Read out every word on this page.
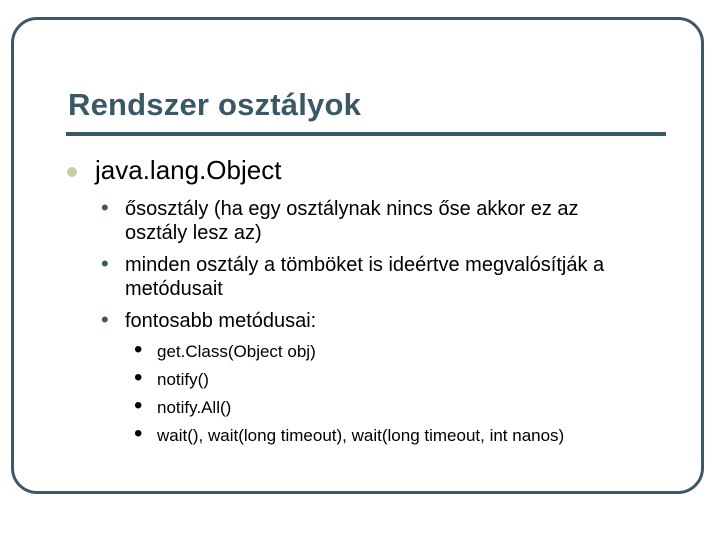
Rendszer osztályok
java.lang.Object
• ősosztály (ha egy osztálynak nincs őse akkor ez az
osztály lesz az)
• minden osztály a tömböket is ideértve megvalósítják a
metódusait
• fontosabb metódusai:
• get.Class(Object obj)
• notify()
• notify.All()
• wait(), wait(long timeout), wait(long timeout, int nanos)
